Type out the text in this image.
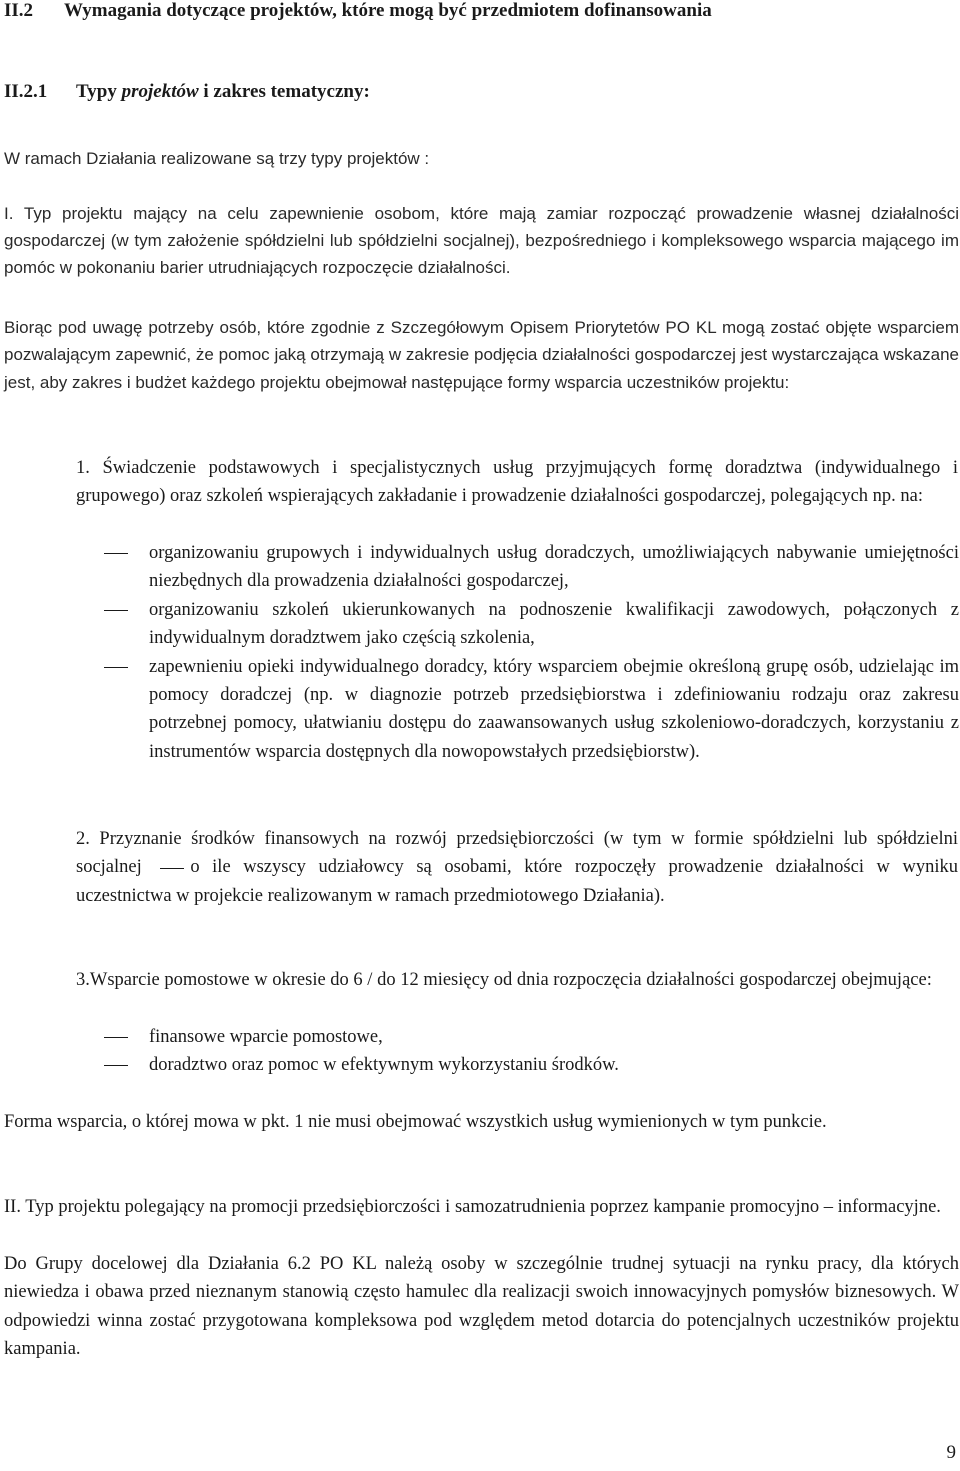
II.2 Wymagania dotyczące projektów, które mogą być przedmiotem dofinansowania
II.2.1 Typy projektów i zakres tematyczny:
W ramach Działania realizowane są trzy typy projektów :

I. Typ projektu mający na celu zapewnienie osobom, które mają zamiar rozpocząć prowadzenie własnej działalności gospodarczej (w tym założenie spółdzielni lub spółdzielni socjalnej), bezpośredniego i kompleksowego wsparcia mającego im pomóc w pokonaniu barier utrudniających rozpoczęcie działalności.

Biorąc pod uwagę potrzeby osób, które zgodnie z Szczegółowym Opisem Priorytetów PO KL mogą zostać objęte wsparciem pozwalającym zapewnić, że pomoc jaką otrzymają w zakresie podjęcia działalności gospodarczej jest wystarczająca wskazane jest, aby zakres i budżet każdego projektu obejmował następujące formy wsparcia uczestników projektu:

1. Świadczenie podstawowych i specjalistycznych usług przyjmujących formę doradztwa (indywidualnego i grupowego) oraz szkoleń wspierających zakładanie i prowadzenie działalności gospodarczej, polegających np. na:

organizowaniu grupowych i indywidualnych usług doradczych, umożliwiających nabywanie umiejętności niezbędnych dla prowadzenia działalności gospodarczej,
organizowaniu szkoleń ukierunkowanych na podnoszenie kwalifikacji zawodowych, połączonych z indywidualnym doradztwem jako częścią szkolenia,
zapewnieniu opieki indywidualnego doradcy, który wsparciem obejmie określoną grupę osób, udzielając im pomocy doradczej (np. w diagnozie potrzeb przedsiębiorstwa i zdefiniowaniu rodzaju oraz zakresu potrzebnej pomocy, ułatwianiu dostępu do zaawansowanych usług szkoleniowo-doradczych, korzystaniu z instrumentów wsparcia dostępnych dla nowopowstałych przedsiębiorstw).

2. Przyznanie środków finansowych na rozwój przedsiębiorczości (w tym w formie spółdzielni lub spółdzielni socjalnej	o ile wszyscy udziałowcy są osobami, które rozpoczęły prowadzenie działalności w wyniku uczestnictwa w projekcie realizowanym w ramach przedmiotowego Działania).

3.Wsparcie pomostowe w okresie do 6 / do 12 miesięcy od dnia rozpoczęcia działalności gospodarczej obejmujące:

finansowe wparcie pomostowe,
doradztwo oraz pomoc w efektywnym wykorzystaniu środków.

Forma wsparcia, o której mowa w pkt. 1 nie musi obejmować wszystkich usług wymienionych w tym punkcie.

II. Typ projektu polegający na promocji przedsiębiorczości i samozatrudnienia poprzez kampanie promocyjno – informacyjne.

Do Grupy docelowej dla Działania 6.2 PO KL należą osoby w szczególnie trudnej sytuacji na rynku pracy, dla których niewiedza i obawa przed nieznanym stanowią często hamulec dla realizacji swoich innowacyjnych pomysłów biznesowych. W odpowiedzi winna zostać przygotowana kompleksowa pod względem metod dotarcia do potencjalnych uczestników projektu kampania.

9
